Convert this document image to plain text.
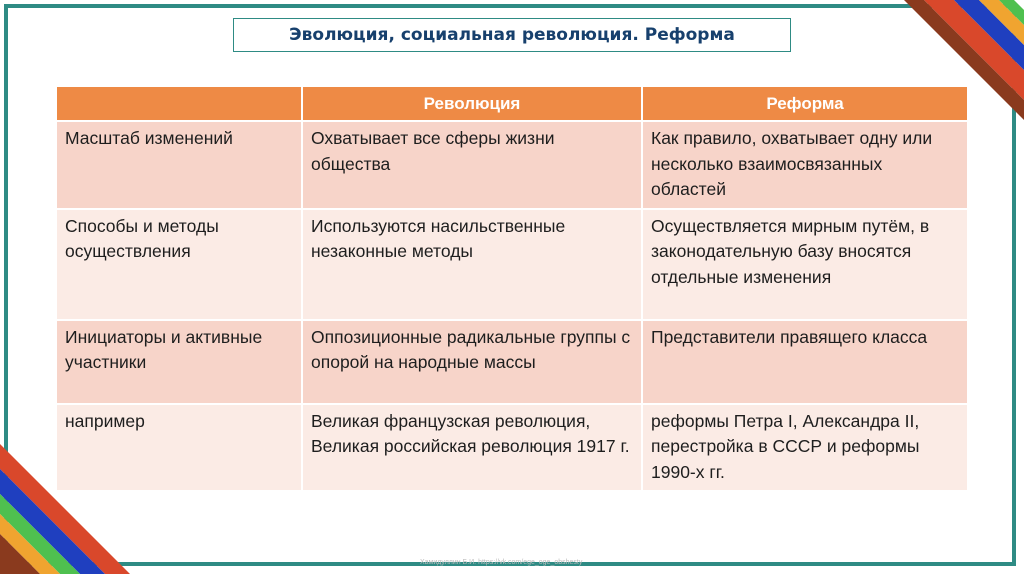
Эволюция, социальная революция. Реформа
	Революция	Реформа
Масштаб изменений	Охватывает все сферы жизни общества	Как правило, охватывает одну или несколько взаимосвязанных областей
Способы и методы осуществления	Используются насильственные незаконные методы	Осуществляется мирным путём, в законодательную базу вносятся отдельные изменения
Инициаторы и активные участники	Оппозиционные радикальные группы с опорой на народные массы	Представители правящего класса
например	Великая французская революция, Великая российская революция 1917 г.	реформы Петра I, Александра II, перестройка в СССР и реформы 1990-х гг.
Хамидуллин Б.И. https://vk.com/ege_oge_obshesty
